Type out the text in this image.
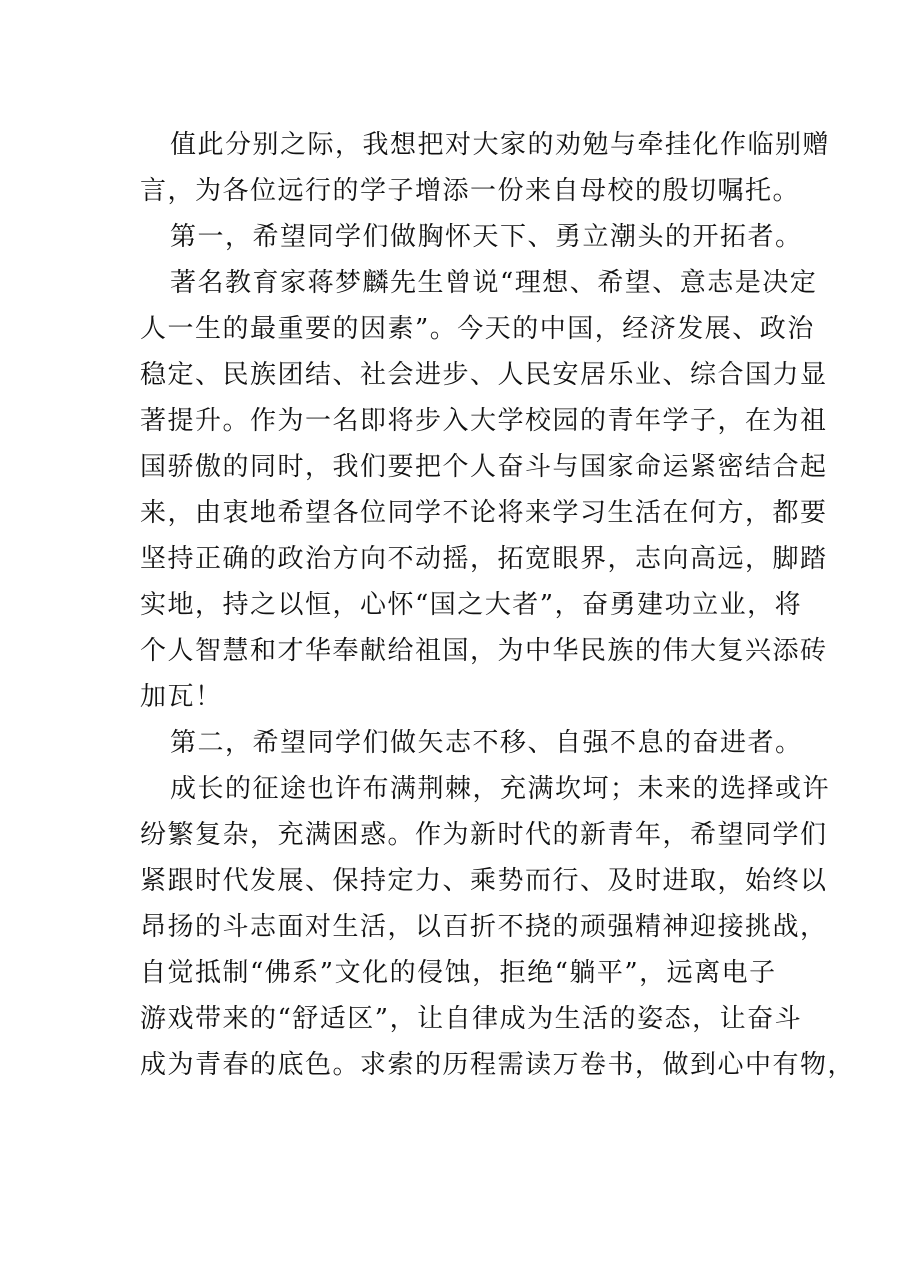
值此分别之际，我想把对大家的劝勉与牵挂化作临别赠
言，为各位远行的学子增添一份来自母校的殷切嘱托。
第一，希望同学们做胸怀天下、勇立潮头的开拓者。
著名教育家蒋梦麟先生曾说“理想、希望、意志是决定
人一生的最重要的因素”。今天的中国，经济发展、政治
稳定、民族团结、社会进步、人民安居乐业、综合国力显
著提升。作为一名即将步入大学校园的青年学子，在为祖
国骄傲的同时，我们要把个人奋斗与国家命运紧密结合起
来，由衷地希望各位同学不论将来学习生活在何方，都要
坚持正确的政治方向不动摇，拓宽眼界，志向高远，脚踏
实地，持之以恒，心怀“国之大者”，奋勇建功立业，将
个人智慧和才华奉献给祖国，为中华民族的伟大复兴添砖
加瓦！
第二，希望同学们做矢志不移、自强不息的奋进者。
成长的征途也许布满荆棘，充满坎坷；未来的选择或许
纷繁复杂，充满困惑。作为新时代的新青年，希望同学们
紧跟时代发展、保持定力、乘势而行、及时进取，始终以
昂扬的斗志面对生活，以百折不挠的顽强精神迎接挑战，
自觉抵制“佛系”文化的侵蚀，拒绝“躺平”，远离电子
游戏带来的“舒适区”，让自律成为生活的姿态，让奋斗
成为青春的底色。求索的历程需读万卷书，做到心中有物，
